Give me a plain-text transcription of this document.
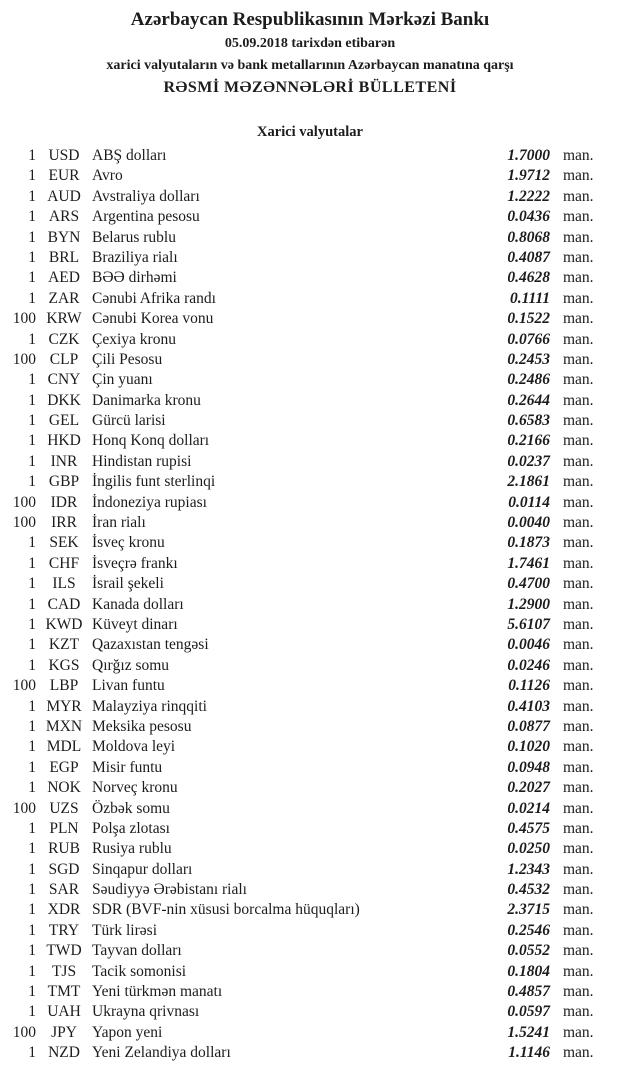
Azərbaycan Respublikasının Mərkəzi Bankı
05.09.2018 tarixdən etibarən
xarici valyutaların və bank metallarının Azərbaycan manatına qarşı
RƏSMİ MƏZƏNNƏLƏRİ BÜLLETENİ
Xarici valyutalar
1 USD ABŞ dolları	1.7000 man.
1 EUR Avro	1.9712 man.
1 AUD Avstraliya dolları	1.2222 man.
1 ARS Argentina pesosu	0.0436 man.
1 BYN Belarus rublu	0.8068 man.
1 BRL Braziliya rialı	0.4087 man.
1 AED BƏƏ dirhəmi	0.4628 man.
1 ZAR Cənubi Afrika randı	0.1111 man.
100 KRW Cənubi Korea vonu	0.1522 man.
1 CZK Çexiya kronu	0.0766 man.
100 CLP Çili Pesosu	0.2453 man.
1 CNY Çin yuanı	0.2486 man.
1 DKK Danimarka kronu	0.2644 man.
1 GEL Gürcü larisi	0.6583 man.
1 HKD Honq Konq dolları	0.2166 man.
1 INR Hindistan rupisi	0.0237 man.
1 GBP İngilis funt sterlinqi	2.1861 man.
100 IDR İndoneziya rupiası	0.0114 man.
100 IRR İran rialı	0.0040 man.
1 SEK İsveç kronu	0.1873 man.
1 CHF İsveçrə frankı	1.7461 man.
1	ILS	İsrail şekeli	0.4700 man.
1 CAD Kanada dolları	1.2900 man.
1 KWD Küveyt dinarı	5.6107 man.
1 KZT Qazaxıstan tengəsi	0.0046 man.
1 KGS Qırğız somu	0.0246 man.
100 LBP Livan funtu	0.1126 man.
1 MYR Malayziya rinqqiti	0.4103 man.
1 MXN Meksika pesosu	0.0877 man.
1 MDL Moldova leyi	0.1020 man.
1 EGP Misir funtu	0.0948 man.
1 NOK Norveç kronu	0.2027 man.
100 UZS Özbək somu	0.0214 man.
1 PLN Polşa zlotası	0.4575 man.
1 RUB Rusiya rublu	0.0250 man.
1 SGD Sinqapur dolları	1.2343 man.
1 SAR Səudiyyə Ərəbistanı rialı	0.4532 man.
1 XDR SDR (BVF-nin xüsusi borcalma hüquqları)	2.3715 man.
1 TRY Türk lirəsi	0.2546 man.
1 TWD Tayvan dolları	0.0552 man.
1	TJS	Tacik somonisi	0.1804 man.
1 TMT Yeni türkmən manatı	0.4857 man.
1 UAH Ukrayna qrivnası	0.0597 man.
100 JPY Yapon yeni	1.5241 man.
1 NZD Yeni Zelandiya dolları	1.1146 man.
